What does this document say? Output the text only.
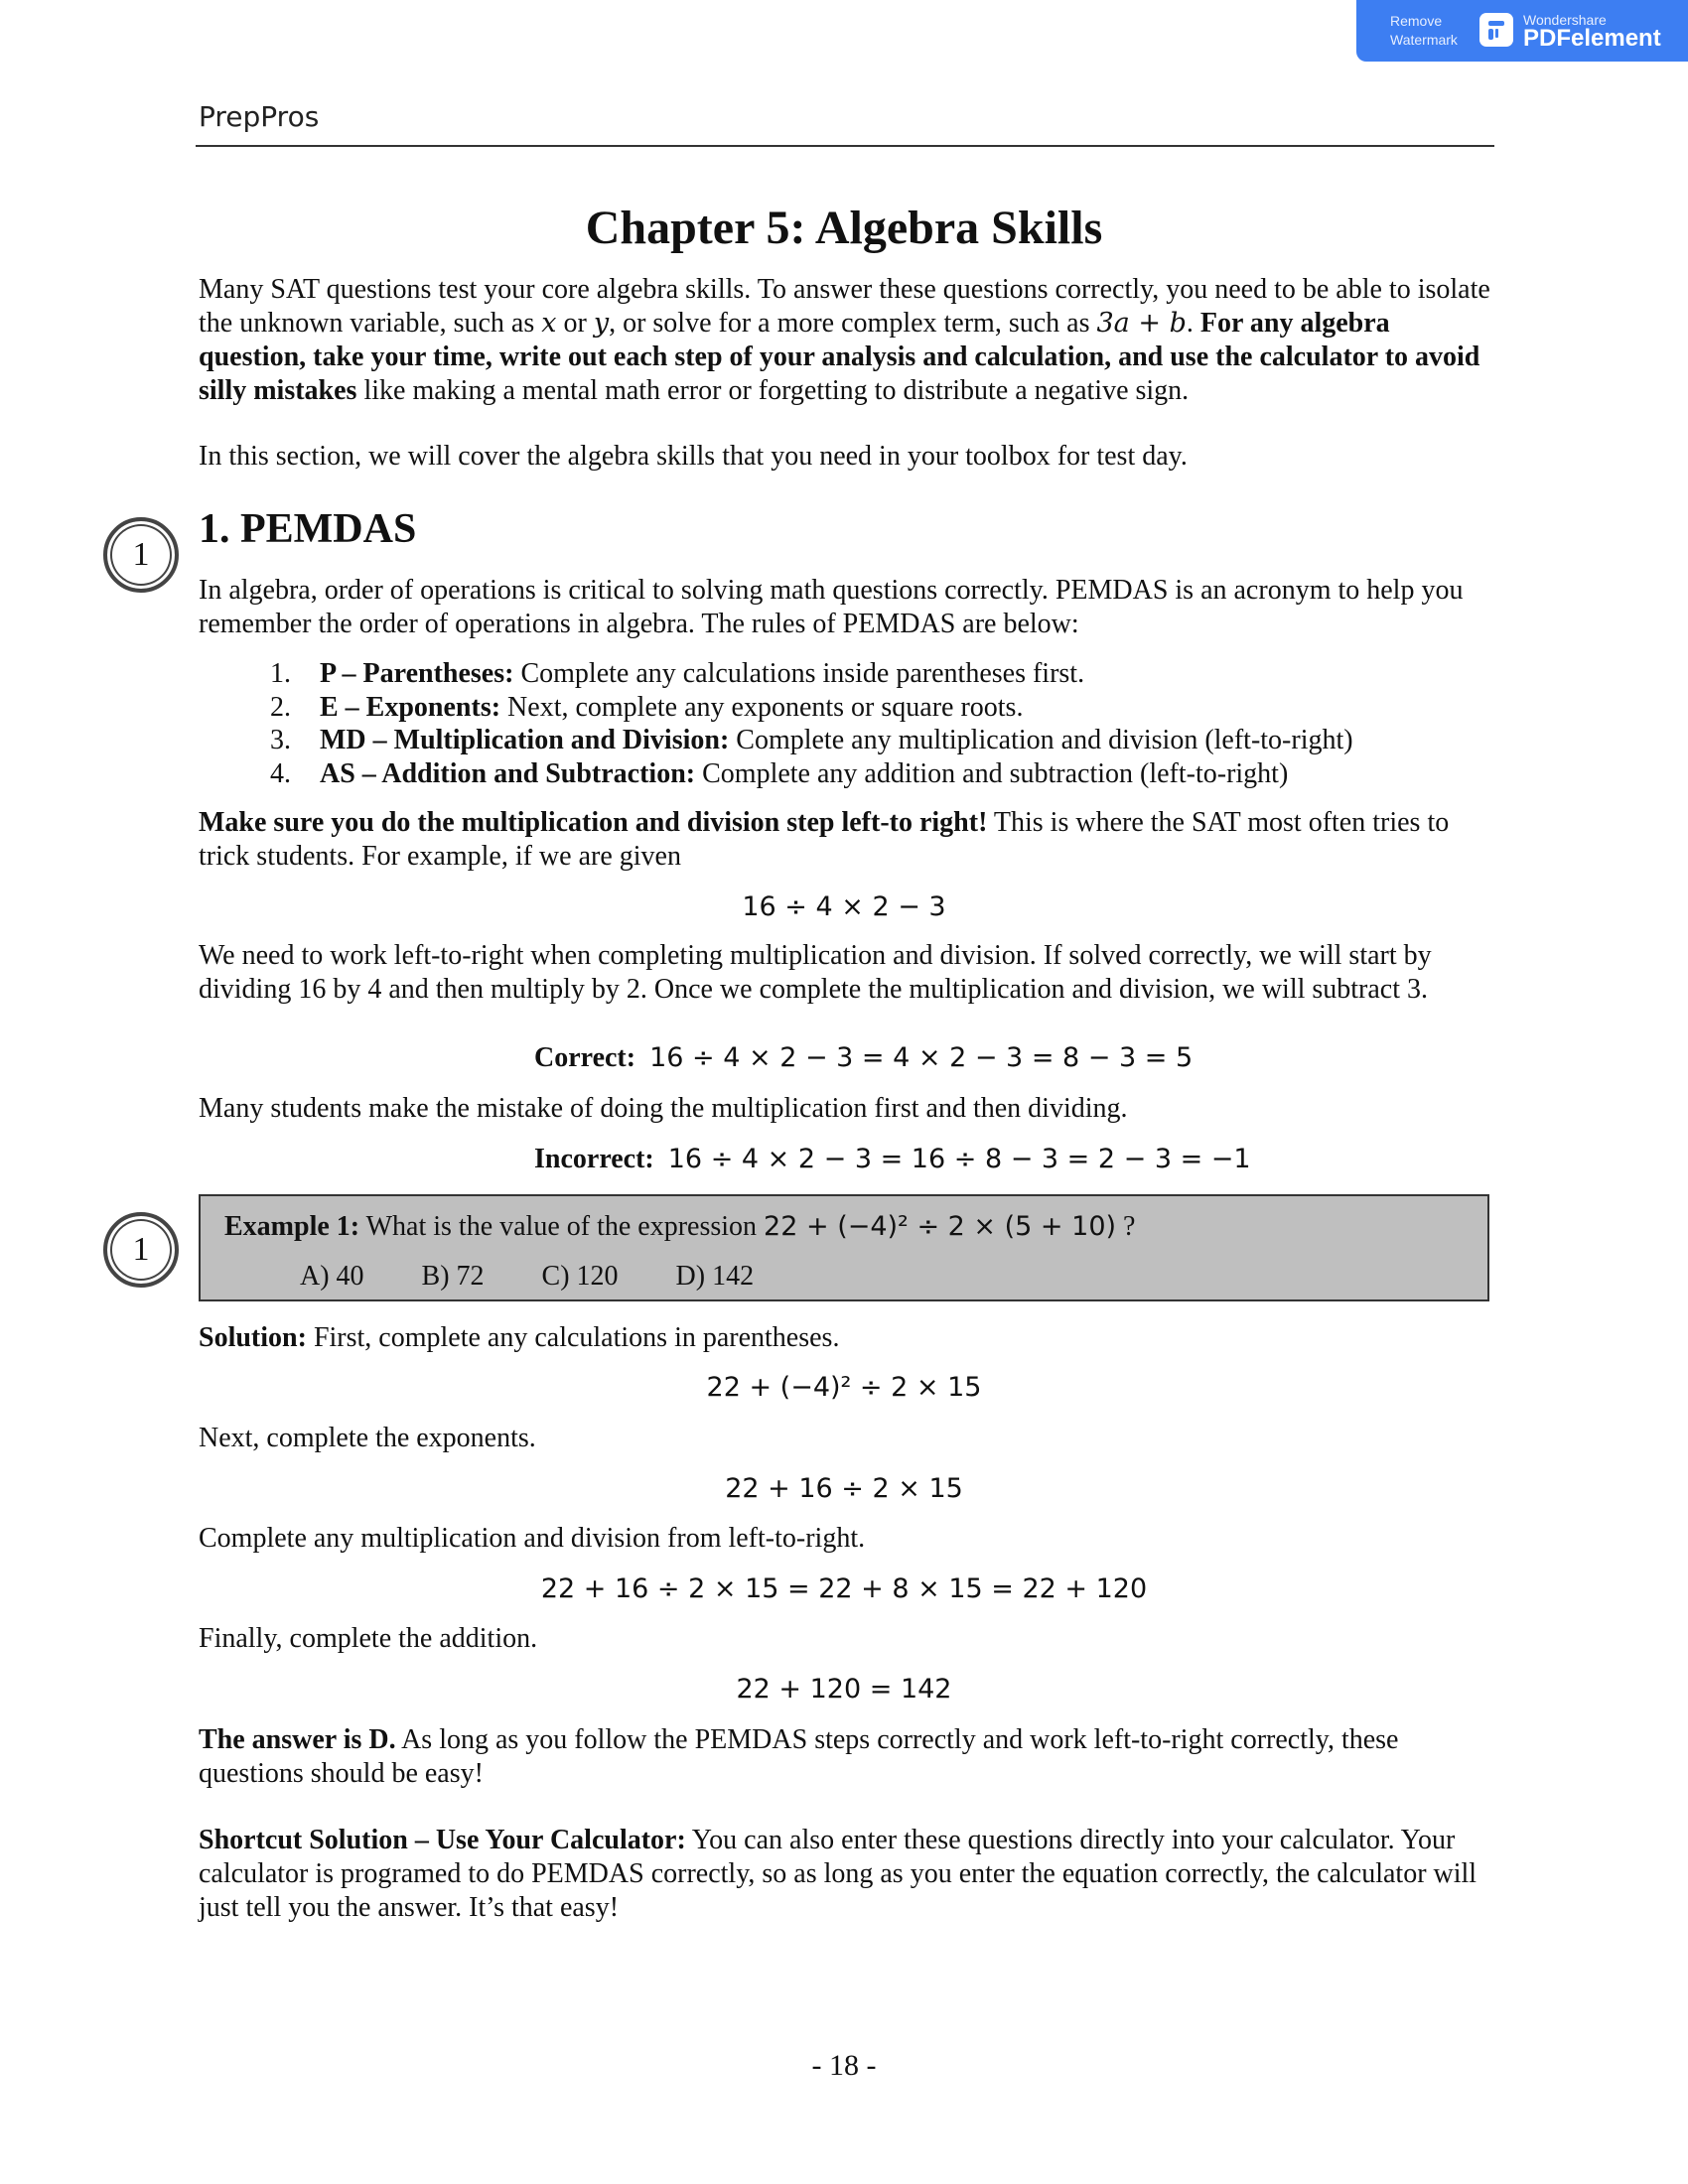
Remove
Watermark
Wondershare
PDFelement
PrepPros
Chapter 5: Algebra Skills
Many SAT questions test your core algebra skills. To answer these questions correctly, you need to be able to isolate the unknown variable, such as x or y, or solve for a more complex term, such as 3a + b. For any algebra question, take your time, write out each step of your analysis and calculation, and use the calculator to avoid silly mistakes like making a mental math error or forgetting to distribute a negative sign.
In this section, we will cover the algebra skills that you need in your toolbox for test day.
1
1. PEMDAS
In algebra, order of operations is critical to solving math questions correctly. PEMDAS is an acronym to help you remember the order of operations in algebra. The rules of PEMDAS are below:
1. P – Parentheses: Complete any calculations inside parentheses first.
2. E – Exponents: Next, complete any exponents or square roots.
3. MD – Multiplication and Division: Complete any multiplication and division (left-to-right)
4. AS – Addition and Subtraction: Complete any addition and subtraction (left-to-right)
Make sure you do the multiplication and division step left-to right! This is where the SAT most often tries to trick students. For example, if we are given
16 ÷ 4 × 2 − 3
We need to work left-to-right when completing multiplication and division. If solved correctly, we will start by dividing 16 by 4 and then multiply by 2. Once we complete the multiplication and division, we will subtract 3.
Correct: 16 ÷ 4 × 2 − 3 = 4 × 2 − 3 = 8 − 3 = 5
Many students make the mistake of doing the multiplication first and then dividing.
Incorrect: 16 ÷ 4 × 2 − 3 = 16 ÷ 8 − 3 = 2 − 3 = −1
1
Example 1: What is the value of the expression 22 + (−4)² ÷ 2 × (5 + 10) ?
A) 40 B) 72 C) 120 D) 142
Solution: First, complete any calculations in parentheses.
22 + (−4)² ÷ 2 × 15
Next, complete the exponents.
22 + 16 ÷ 2 × 15
Complete any multiplication and division from left-to-right.
22 + 16 ÷ 2 × 15 = 22 + 8 × 15 = 22 + 120
Finally, complete the addition.
22 + 120 = 142
The answer is D. As long as you follow the PEMDAS steps correctly and work left-to-right correctly, these questions should be easy!
Shortcut Solution – Use Your Calculator: You can also enter these questions directly into your calculator. Your calculator is programed to do PEMDAS correctly, so as long as you enter the equation correctly, the calculator will just tell you the answer. It’s that easy!
- 18 -
